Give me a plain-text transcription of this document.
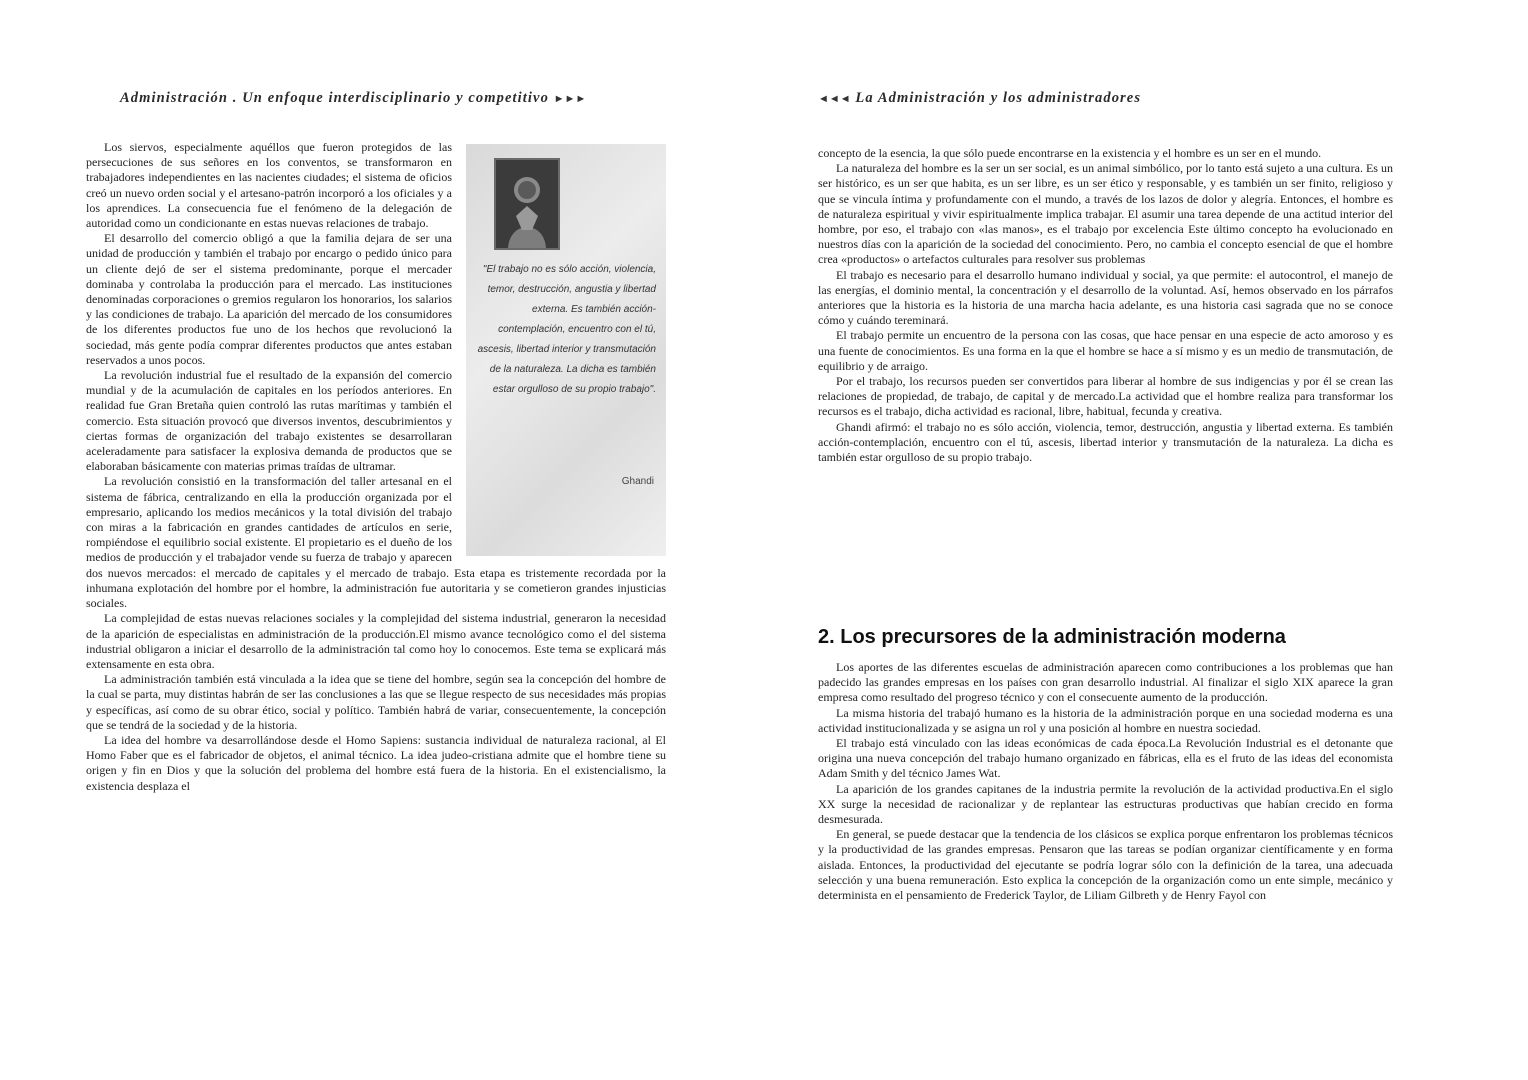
Administración . Un enfoque interdisciplinario y competitivo ►►►
"El trabajo no es sólo acción, violencia, temor, destrucción, angustia y libertad externa. Es también acción-contemplación, encuentro con el tú, ascesis, libertad interior y transmutación de la naturaleza. La dicha es también estar orgulloso de su propio trabajo".
Ghandi

Los siervos, especialmente aquéllos que fueron protegidos de las persecuciones de sus señores en los conventos, se transformaron en trabajadores independientes en las nacientes ciudades; el sistema de oficios creó un nuevo orden social y el artesano-patrón incorporó a los oficiales y a los aprendices. La consecuencia fue el fenómeno de la delegación de autoridad como un condicionante en estas nuevas relaciones de trabajo.

El desarrollo del comercio obligó a que la familia dejara de ser una unidad de producción y también el trabajo por encargo o pedido único para un cliente dejó de ser el sistema predominante, porque el mercader dominaba y controlaba la producción para el mercado. Las instituciones denominadas corporaciones o gremios regularon los honorarios, los salarios y las condiciones de trabajo. La aparición del mercado de los consumidores de los diferentes productos fue uno de los hechos que revolucionó la sociedad, más gente podía comprar diferentes productos que antes estaban reservados a unos pocos.

La revolución industrial fue el resultado de la expansión del comercio mundial y de la acumulación de capitales en los períodos anteriores. En realidad fue Gran Bretaña quien controló las rutas marítimas y también el comercio. Esta situación provocó que diversos inventos, descubrimientos y ciertas formas de organización del trabajo existentes se desarrollaran aceleradamente para satisfacer la explosiva demanda de productos que se elaboraban básicamente con materias primas traídas de ultramar.

La revolución consistió en la transformación del taller artesanal en el sistema de fábrica, centralizando en ella la producción organizada por el empresario, aplicando los medios mecánicos y la total división del trabajo con miras a la fabricación en grandes cantidades de artículos en serie, rompiéndose el equilibrio social existente. El propietario es el dueño de los medios de producción y el trabajador vende su fuerza de trabajo y aparecen dos nuevos mercados: el mercado de capitales y el mercado de trabajo. Esta etapa es tristemente recordada por la inhumana explotación del hombre por el hombre, la administración fue autoritaria y se cometieron grandes injusticias sociales.

La complejidad de estas nuevas relaciones sociales y la complejidad del sistema industrial, generaron la necesidad de la aparición de especialistas en administración de la producción.El mismo avance tecnológico como el del sistema industrial obligaron a iniciar el desarrollo de la administración tal como hoy lo conocemos. Este tema se explicará más extensamente en esta obra.

La administración también está vinculada a la idea que se tiene del hombre, según sea la concepción del hombre de la cual se parta, muy distintas habrán de ser las conclusiones a las que se llegue respecto de sus necesidades más propias y específicas, así como de su obrar ético, social y político. También habrá de variar, consecuentemente, la concepción que se tendrá de la sociedad y de la historia.

La idea del hombre va desarrollándose desde el Homo Sapiens: sustancia individual de naturaleza racional, al El Homo Faber que es el fabricador de objetos, el animal técnico. La idea judeo-cristiana admite que el hombre tiene su origen y fin en Dios y que la solución del problema del hombre está fuera de la historia. En el existencialismo, la existencia desplaza el

◄◄◄ La Administración y los administradores

concepto de la esencia, la que sólo puede encontrarse en la existencia y el hombre es un ser en el mundo.

La naturaleza del hombre es la ser un ser social, es un animal simbólico, por lo tanto está sujeto a una cultura. Es un ser histórico, es un ser que habita, es un ser libre, es un ser ético y responsable, y es también un ser finito, religioso y que se vincula íntima y profundamente con el mundo, a través de los lazos de dolor y alegría. Entonces, el hombre es de naturaleza espiritual y vivir espiritualmente implica trabajar. El asumir una tarea depende de una actitud interior del hombre, por eso, el trabajo con «las manos», es el trabajo por excelencia Este último concepto ha evolucionado en nuestros días con la aparición de la sociedad del conocimiento. Pero, no cambia el concepto esencial de que el hombre crea «productos» o artefactos culturales para resolver sus problemas

El trabajo es necesario para el desarrollo humano individual y social, ya que permite: el autocontrol, el manejo de las energías, el dominio mental, la concentración y el desarrollo de la voluntad. Así, hemos observado en los párrafos anteriores que la historia es la historia de una marcha hacia adelante, es una historia casi sagrada que no se conoce cómo y cuándo tereminará.

El trabajo permite un encuentro de la persona con las cosas, que hace pensar en una especie de acto amoroso y es una fuente de conocimientos. Es una forma en la que el hombre se hace a sí mismo y es un medio de transmutación, de equilibrio y de arraigo.

Por el trabajo, los recursos pueden ser convertidos para liberar al hombre de sus indigencias y por él se crean las relaciones de propiedad, de trabajo, de capital y de mercado.La actividad que el hombre realiza para transformar los recursos es el trabajo, dicha actividad es racional, libre, habitual, fecunda y creativa.

Ghandi afirmó: el trabajo no es sólo acción, violencia, temor, destrucción, angustia y libertad externa. Es también acción-contemplación, encuentro con el tú, ascesis, libertad interior y transmutación de la naturaleza. La dicha es también estar orgulloso de su propio trabajo.

2. Los precursores de la administración moderna

Los aportes de las diferentes escuelas de administración aparecen como contribuciones a los problemas que han padecido las grandes empresas en los países con gran desarrollo industrial. Al finalizar el siglo XIX aparece la gran empresa como resultado del progreso técnico y con el consecuente aumento de la producción.

La misma historia del trabajó humano es la historia de la administración porque en una sociedad moderna es una actividad institucionalizada y se asigna un rol y una posición al hombre en nuestra sociedad.

El trabajo está vinculado con las ideas económicas de cada época.La Revolución Industrial es el detonante que origina una nueva concepción del trabajo humano organizado en fábricas, ella es el fruto de las ideas del economista Adam Smith y del técnico James Wat.

La aparición de los grandes capitanes de la industria permite la revolución de la actividad productiva.En el siglo XX surge la necesidad de racionalizar y de replantear las estructuras productivas que habían crecido en forma desmesurada.

En general, se puede destacar que la tendencia de los clásicos se explica porque enfrentaron los problemas técnicos y la productividad de las grandes empresas. Pensaron que las tareas se podían organizar científicamente y en forma aislada. Entonces, la productividad del ejecutante se podría lograr sólo con la definición de la tarea, una adecuada selección y una buena remuneración. Esto explica la concepción de la organización como un ente simple, mecánico y determinista en el pensamiento de Frederick Taylor, de Liliam Gilbreth y de Henry Fayol con
